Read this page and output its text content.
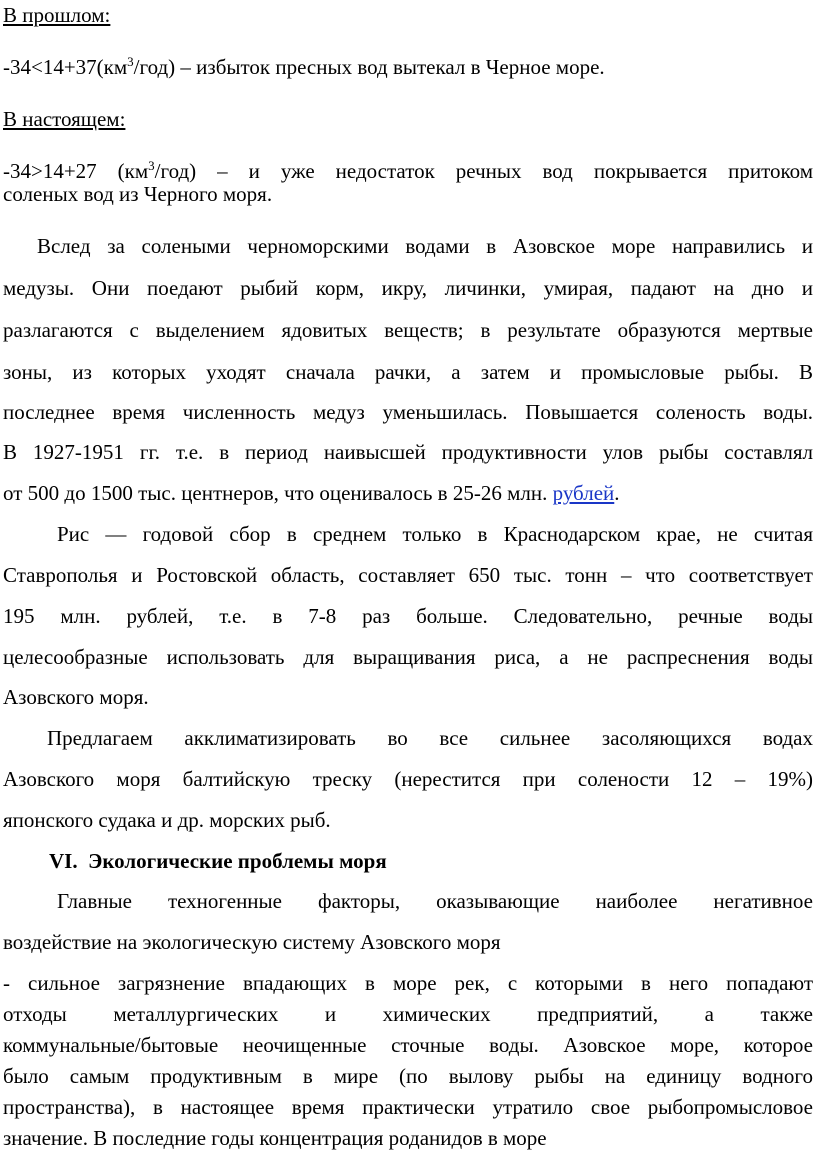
В прошлом:
$-34<14+37(км^3/год)$ – избыток пресных вод вытекал в Черное море.
В настоящем:
-34>14+27 $(км^3/год)$ – и уже недостаток речных вод покрывается притоком
соленых вод из Черного моря.
Вслед за солеными черноморскими водами в Азовское море направились и
медузы. Они поедают рыбий корм, икру, личинки, умирая, падают на дно и
разлагаются с выделением ядовитых веществ; в результате образуются мертвые
зоны, из которых уходят сначала рачки, а затем и промысловые рыбы. В
последнее время численность медуз уменьшилась. Повышается соленость воды.
В 1927-1951 гг. т.е. в период наивысшей продуктивности улов рыбы составлял
от 500 до 1500 тыс. центнеров, что оценивалось в 25-26 млн. рублей.
Рис — годовой сбор в среднем только в Краснодарском крае, не считая
Ставрополья и Ростовской область, составляет 650 тыс. тонн – что соответствует
195 млн. рублей, т.е. в 7-8 раз больше. Следовательно, речные воды
целесообразные использовать для выращивания риса, а не распреснения воды
Азовского моря.
Предлагаем акклиматизировать во все сильнее засоляющихся водах
Азовского моря балтийскую треску (нерестится при солености 12 – 19%)
японского судака и др. морских рыб.
VI. Экологические проблемы моря
Главные техногенные факторы, оказывающие наиболее негативное
воздействие на экологическую систему Азовского моря
- сильное загрязнение впадающих в море рек, с которыми в него попадают
отходы металлургических и химических предприятий, а также
коммунальные/бытовые неочищенные сточные воды. Азовское море, которое
было самым продуктивным в мире (по вылову рыбы на единицу водного
пространства), в настоящее время практически утратило свое рыбопромысловое
значение. В последние годы концентрация роданидов в море
